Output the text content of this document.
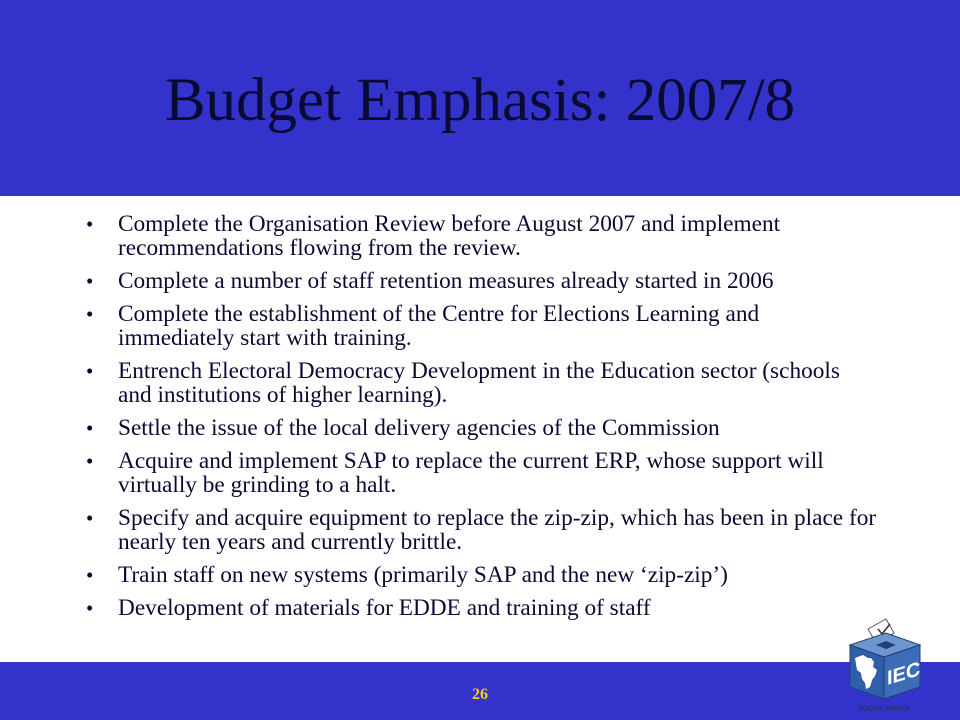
Budget Emphasis: 2007/8
• Complete the Organisation Review before August 2007 and implement recommendations flowing from the review.
• Complete a number of staff retention measures already started in 2006
• Complete the establishment of the Centre for Elections Learning and immediately start with training.
• Entrench Electoral Democracy Development in the Education sector (schools and institutions of higher learning).
• Settle the issue of the local delivery agencies of the Commission
• Acquire and implement SAP to replace the current ERP, whose support will virtually be grinding to a halt.
• Specify and acquire equipment to replace the zip-zip, which has been in place for nearly ten years and currently brittle.
• Train staff on new systems (primarily SAP and the new ‘zip-zip’)
• Development of materials for EDDE and training of staff
26
IEC
SOUTH AFRICA
